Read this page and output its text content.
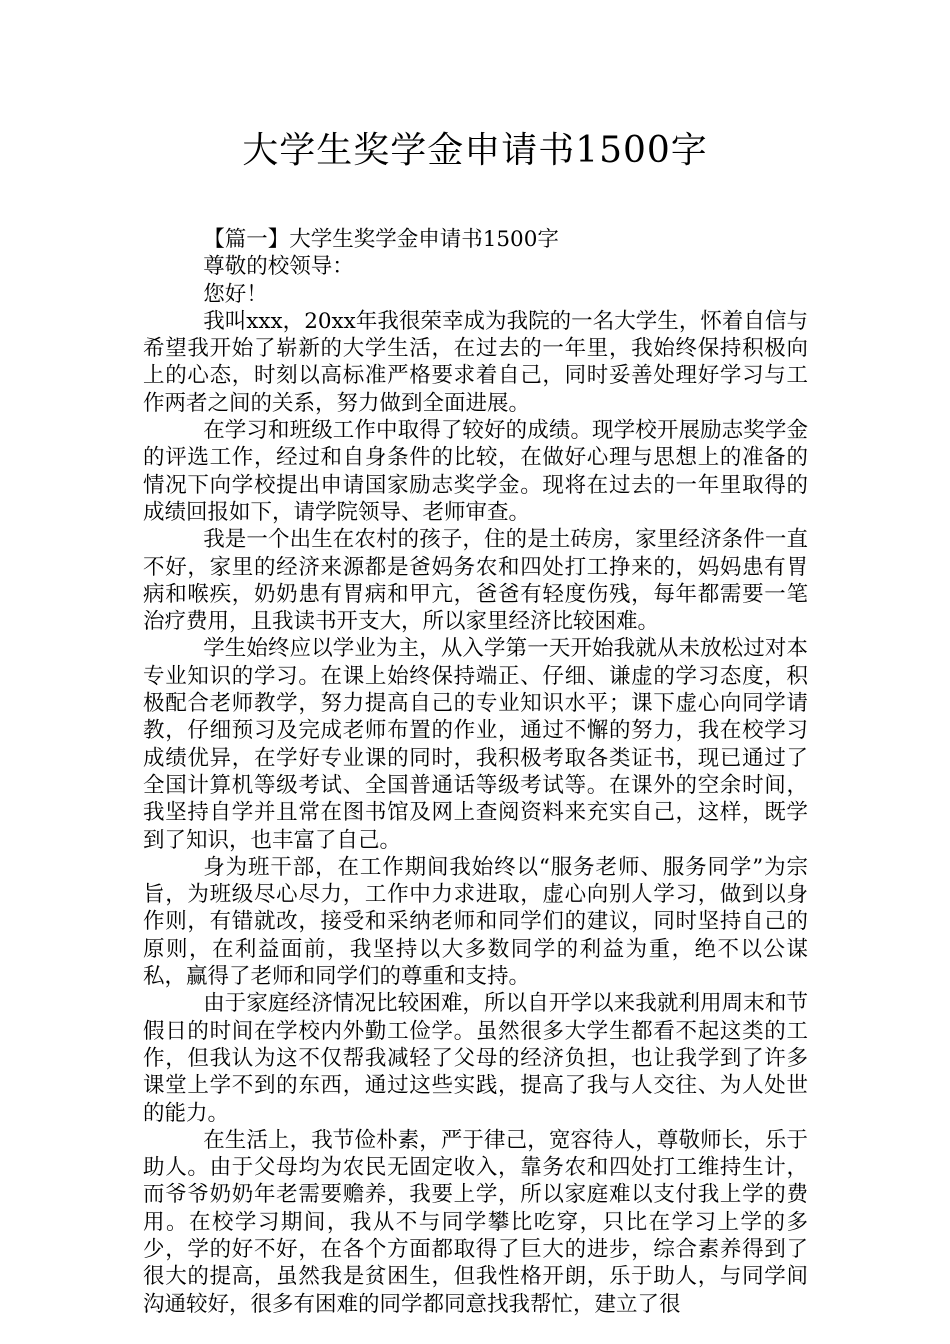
大学生奖学金申请书1500字

【篇一】大学生奖学金申请书1500字

尊敬的校领导：

您好！

我叫xxx，20xx年我很荣幸成为我院的一名大学生，怀着自信与希望我开始了崭新的大学生活，在过去的一年里，我始终保持积极向上的心态，时刻以高标准严格要求着自己，同时妥善处理好学习与工作两者之间的关系，努力做到全面进展。

在学习和班级工作中取得了较好的成绩。现学校开展励志奖学金的评选工作，经过和自身条件的比较，在做好心理与思想上的准备的情况下向学校提出申请国家励志奖学金。现将在过去的一年里取得的成绩回报如下，请学院领导、老师审查。

我是一个出生在农村的孩子，住的是土砖房，家里经济条件一直不好，家里的经济来源都是爸妈务农和四处打工挣来的，妈妈患有胃病和喉疾，奶奶患有胃病和甲亢，爸爸有轻度伤残，每年都需要一笔治疗费用，且我读书开支大，所以家里经济比较困难。

学生始终应以学业为主，从入学第一天开始我就从未放松过对本专业知识的学习。在课上始终保持端正、仔细、谦虚的学习态度，积极配合老师教学，努力提高自己的专业知识水平；课下虚心向同学请教，仔细预习及完成老师布置的作业，通过不懈的努力，我在校学习成绩优异，在学好专业课的同时，我积极考取各类证书，现已通过了全国计算机等级考试、全国普通话等级考试等。在课外的空余时间，我坚持自学并且常在图书馆及网上查阅资料来充实自己，这样，既学到了知识，也丰富了自己。

身为班干部，在工作期间我始终以“服务老师、服务同学”为宗旨，为班级尽心尽力，工作中力求进取，虚心向别人学习，做到以身作则，有错就改，接受和采纳老师和同学们的建议，同时坚持自己的原则，在利益面前，我坚持以大多数同学的利益为重，绝不以公谋私，赢得了老师和同学们的尊重和支持。

由于家庭经济情况比较困难，所以自开学以来我就利用周末和节假日的时间在学校内外勤工俭学。虽然很多大学生都看不起这类的工作，但我认为这不仅帮我减轻了父母的经济负担，也让我学到了许多课堂上学不到的东西，通过这些实践，提高了我与人交往、为人处世的能力。

在生活上，我节俭朴素，严于律己，宽容待人，尊敬师长，乐于助人。由于父母均为农民无固定收入，靠务农和四处打工维持生计，而爷爷奶奶年老需要赡养，我要上学，所以家庭难以支付我上学的费用。在校学习期间，我从不与同学攀比吃穿，只比在学习上学的多少，学的好不好，在各个方面都取得了巨大的进步，综合素养得到了很大的提高，虽然我是贫困生，但我性格开朗，乐于助人，与同学间沟通较好，很多有困难的同学都同意找我帮忙，建立了很
